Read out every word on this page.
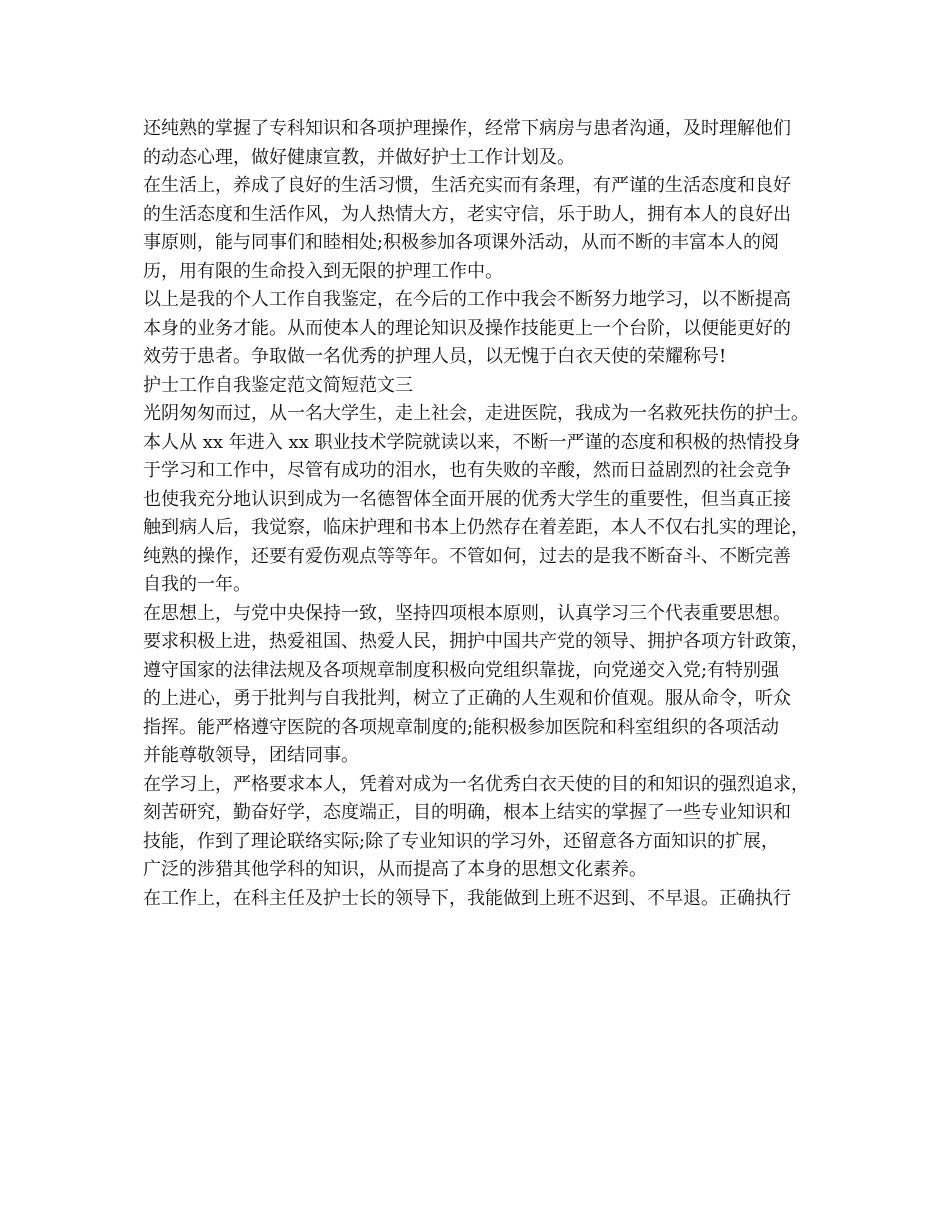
还纯熟的掌握了专科知识和各项护理操作，经常下病房与患者沟通，及时理解他们
的动态心理，做好健康宣教，并做好护士工作计划及。
在生活上，养成了良好的生活习惯，生活充实而有条理，有严谨的生活态度和良好
的生活态度和生活作风，为人热情大方，老实守信，乐于助人，拥有本人的良好出
事原则，能与同事们和睦相处;积极参加各项课外活动，从而不断的丰富本人的阅
历，用有限的生命投入到无限的护理工作中。
以上是我的个人工作自我鉴定，在今后的工作中我会不断努力地学习，以不断提高
本身的业务才能。从而使本人的理论知识及操作技能更上一个台阶，以便能更好的
效劳于患者。争取做一名优秀的护理人员，以无愧于白衣天使的荣耀称号!
护士工作自我鉴定范文简短范文三
光阴匆匆而过，从一名大学生，走上社会，走进医院，我成为一名救死扶伤的护士。
本人从 xx 年进入 xx 职业技术学院就读以来，不断一严谨的态度和积极的热情投身
于学习和工作中，尽管有成功的泪水，也有失败的辛酸，然而日益剧烈的社会竞争
也使我充分地认识到成为一名德智体全面开展的优秀大学生的重要性，但当真正接
触到病人后，我觉察，临床护理和书本上仍然存在着差距，本人不仅右扎实的理论，
纯熟的操作，还要有爱伤观点等等年。不管如何，过去的是我不断奋斗、不断完善
自我的一年。
在思想上，与党中央保持一致，坚持四项根本原则，认真学习三个代表重要思想。
要求积极上进，热爱祖国、热爱人民，拥护中国共产党的领导、拥护各项方针政策，
遵守国家的法律法规及各项规章制度积极向党组织靠拢，向党递交入党;有特别强
的上进心，勇于批判与自我批判，树立了正确的人生观和价值观。服从命令，听众
指挥。能严格遵守医院的各项规章制度的;能积极参加医院和科室组织的各项活动
并能尊敬领导，团结同事。
在学习上，严格要求本人，凭着对成为一名优秀白衣天使的目的和知识的强烈追求，
刻苦研究，勤奋好学，态度端正，目的明确，根本上结实的掌握了一些专业知识和
技能，作到了理论联络实际;除了专业知识的学习外，还留意各方面知识的扩展，
广泛的涉猎其他学科的知识，从而提高了本身的思想文化素养。
在工作上，在科主任及护士长的领导下，我能做到上班不迟到、不早退。正确执行
